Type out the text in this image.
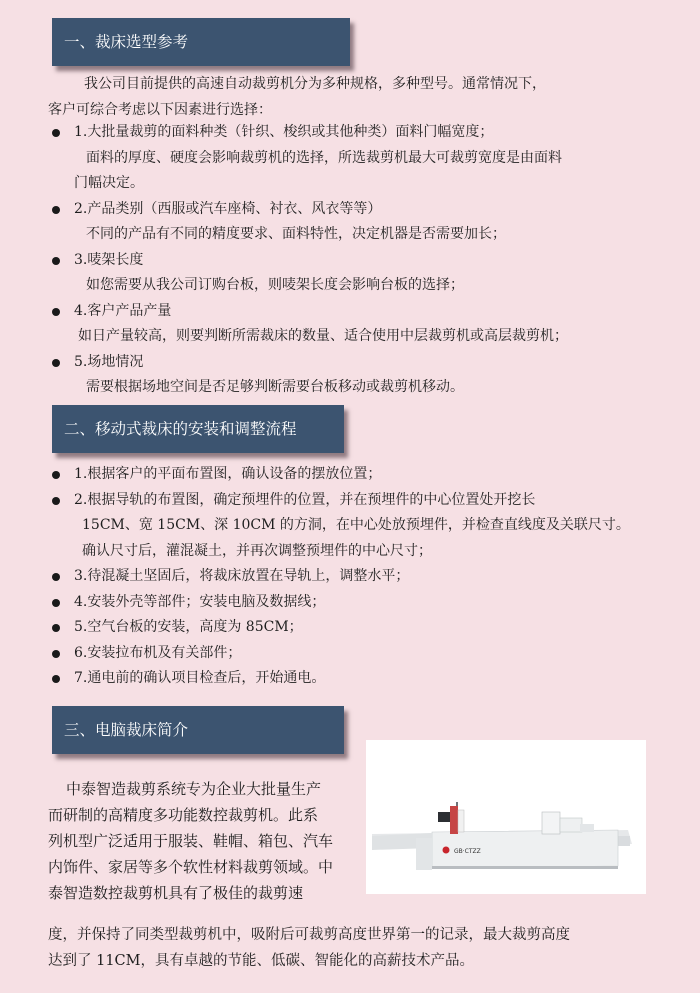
一、裁床选型参考

我公司目前提供的高速自动裁剪机分为多种规格，多种型号。通常情况下，
客户可综合考虑以下因素进行选择：

1.大批量裁剪的面料种类（针织、梭织或其他种类）面料门幅宽度；
面料的厚度、硬度会影响裁剪机的选择，所选裁剪机最大可裁剪宽度是由面料
门幅决定。
2.产品类别（西服或汽车座椅、衬衣、风衣等等）
不同的产品有不同的精度要求、面料特性，决定机器是否需要加长；
3.唛架长度
如您需要从我公司订购台板，则唛架长度会影响台板的选择；
4.客户产品产量
如日产量较高，则要判断所需裁床的数量、适合使用中层裁剪机或高层裁剪机；
5.场地情况
需要根据场地空间是否足够判断需要台板移动或裁剪机移动。
二、移动式裁床的安装和调整流程
1.根据客户的平面布置图，确认设备的摆放位置；
2.根据导轨的布置图，确定预埋件的位置，并在预埋件的中心位置处开挖长
15CM、宽 15CM、深 10CM 的方洞，在中心处放预埋件，并检查直线度及关联尺寸。
确认尺寸后，灌混凝土，并再次调整预埋件的中心尺寸；
3.待混凝土坚固后，将裁床放置在导轨上，调整水平；
4.安装外壳等部件；安装电脑及数据线；
5.空气台板的安装，高度为 85CM；
6.安装拉布机及有关部件；
7.通电前的确认项目检查后，开始通电。
三、电脑裁床简介
GB·CTZZ

中泰智造裁剪系统专为企业大批量生产
而研制的高精度多功能数控裁剪机。此系
列机型广泛适用于服装、鞋帽、箱包、汽车
内饰件、家居等多个软性材料裁剪领域。中
泰智造数控裁剪机具有了极佳的裁剪速

度，并保持了同类型裁剪机中，吸附后可裁剪高度世界第一的记录，最大裁剪高度
达到了 11CM，具有卓越的节能、低碳、智能化的高薪技术产品。
